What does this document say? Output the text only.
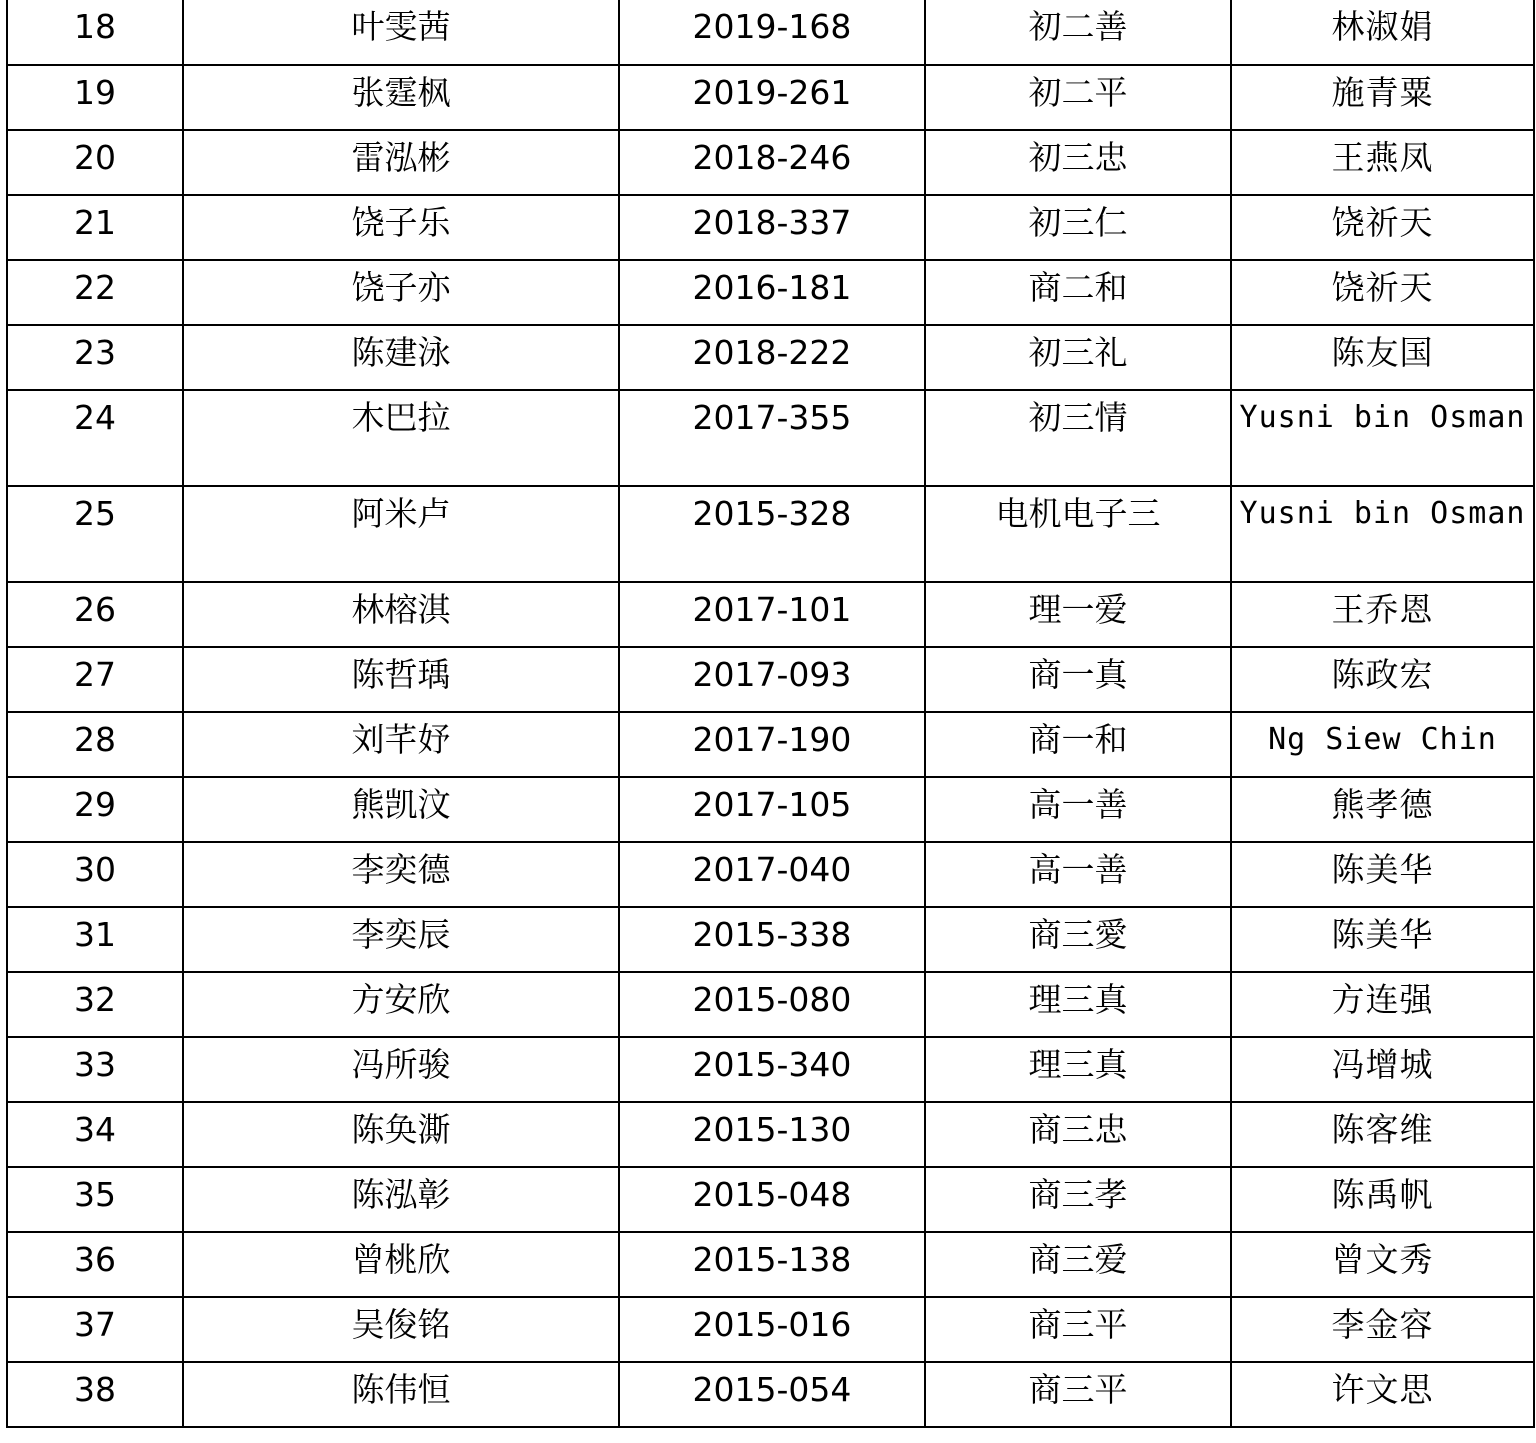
18	叶雯茜	2019-168	初二善	林淑娟
19	张霆枫	2019-261	初二平	施青粟
20	雷泓彬	2018-246	初三忠	王燕凤
21	饶子乐	2018-337	初三仁	饶祈天
22	饶子亦	2016-181	商二和	饶祈天
23	陈建泳	2018-222	初三礼	陈友国
24	木巴拉	2017-355	初三情	Yusni bin Osman
25	阿米卢	2015-328	电机电子三	Yusni bin Osman
26	林榕淇	2017-101	理一爱	王乔恩
27	陈哲瑀	2017-093	商一真	陈政宏
28	刘芊妤	2017-190	商一和	Ng Siew Chin
29	熊凯汶	2017-105	高一善	熊孝德
30	李奕德	2017-040	高一善	陈美华
31	李奕辰	2015-338	商三愛	陈美华
32	方安欣	2015-080	理三真	方连强
33	冯所骏	2015-340	理三真	冯增城
34	陈奂澌	2015-130	商三忠	陈客维
35	陈泓彰	2015-048	商三孝	陈禹帆
36	曾桃欣	2015-138	商三爱	曾文秀
37	吴俊铭	2015-016	商三平	李金容
38	陈伟恒	2015-054	商三平	许文思
